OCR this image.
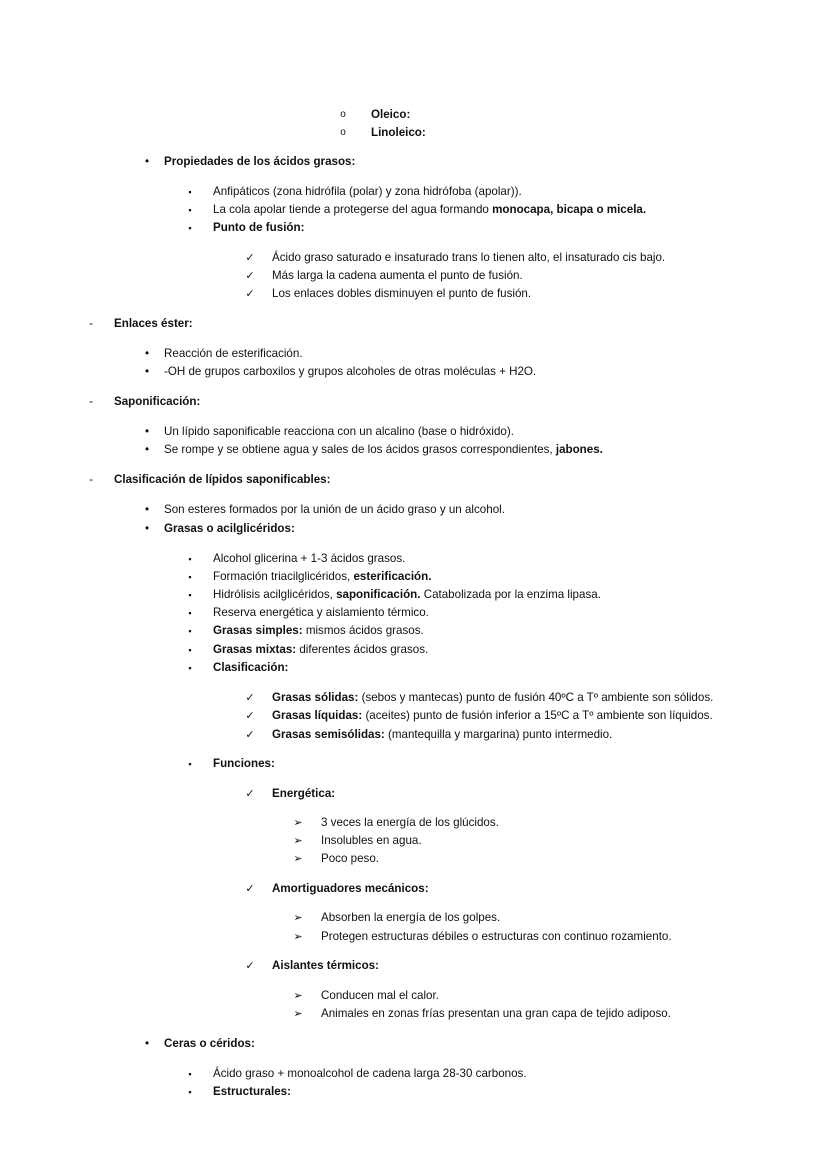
o	Oleico:
o	Linoleico:
•	Propiedades de los ácidos grasos:
▪	Anfipáticos (zona hidrófila (polar) y zona hidrófoba (apolar)).
▪	La cola apolar tiende a protegerse del agua formando monocapa, bicapa o micela.
▪	Punto de fusión:
✓ Ácido graso saturado e insaturado trans lo tienen alto, el insaturado cis bajo.
✓ Más larga la cadena aumenta el punto de fusión.
✓ Los enlaces dobles disminuyen el punto de fusión.
-	Enlaces éster:
•	Reacción de esterificación.
•	-OH de grupos carboxilos y grupos alcoholes de otras moléculas + H2O.
-	Saponificación:
•	Un lípido saponificable reacciona con un alcalino (base o hidróxido).
•	Se rompe y se obtiene agua y sales de los ácidos grasos correspondientes, jabones.
-	Clasificación de lípidos saponificables:
•	Son esteres formados por la unión de un ácido graso y un alcohol.
•	Grasas o acilglicéridos:
▪	Alcohol glicerina + 1-3 ácidos grasos.
▪	Formación triacilglicéridos, esterificación.
▪	Hidrólisis acilglicéridos, saponificación. Catabolizada por la enzima lipasa.
▪	Reserva energética y aislamiento térmico.
▪	Grasas simples: mismos ácidos grasos.
▪	Grasas mixtas: diferentes ácidos grasos.
▪	Clasificación:
✓ Grasas sólidas: (sebos y mantecas) punto de fusión 40ºC a Tº ambiente son sólidos.
✓ Grasas líquidas: (aceites) punto de fusión inferior a 15ºC a Tº ambiente son líquidos.
✓ Grasas semisólidas: (mantequilla y margarina) punto intermedio.
▪	Funciones:
✓ Energética:
➢ 3 veces la energía de los glúcidos.
➢ Insolubles en agua.
➢ Poco peso.
✓ Amortiguadores mecánicos:
➢ Absorben la energía de los golpes.
➢ Protegen estructuras débiles o estructuras con continuo rozamiento.
✓ Aislantes térmicos:
➢ Conducen mal el calor.
➢ Animales en zonas frías presentan una gran capa de tejido adiposo.
•	Ceras o céridos:
▪	Ácido graso + monoalcohol de cadena larga 28-30 carbonos.
▪	Estructurales:
